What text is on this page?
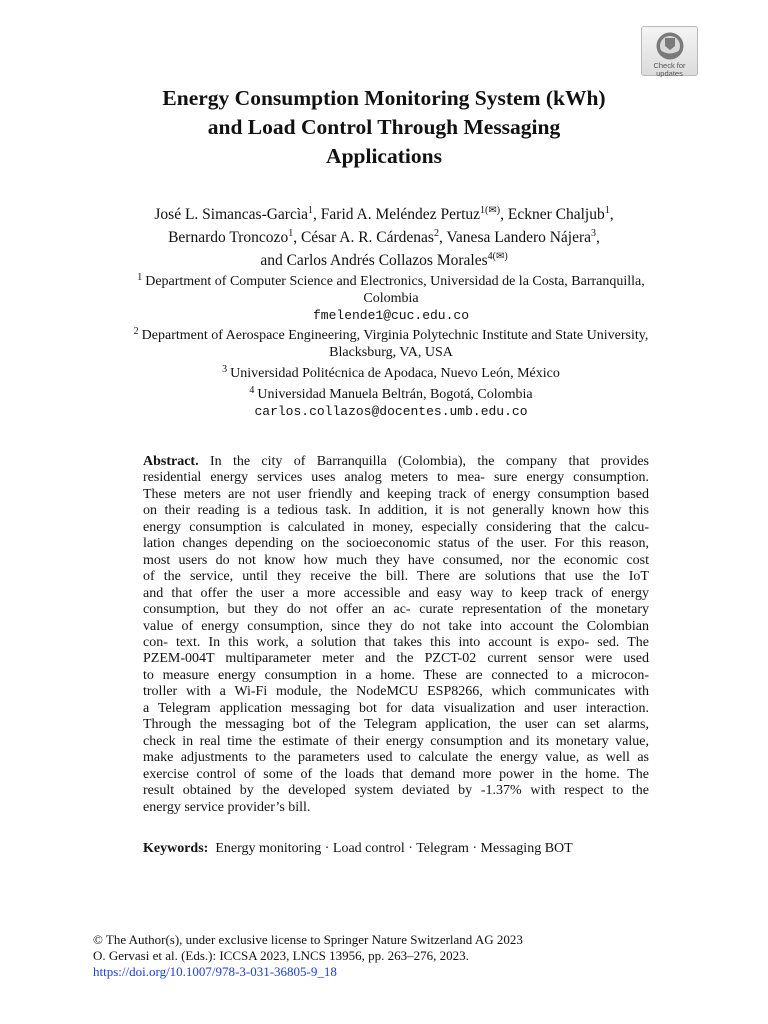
Check for
updates
Energy Consumption Monitoring System (kWh)
and Load Control Through Messaging
Applications
José L. Simancas-Garcìa$^1$, Farid A. Meléndez Pertuz$^{1(✉)}$, Eckner Chaljub$^1$,
Bernardo Troncozo$^1$, César A. R. Cárdenas$^2$, Vanesa Landero Nájera$^3$,
and Carlos Andrés Collazos Morales$^{4(✉)}$
$^1$ Department of Computer Science and Electronics, Universidad de la Costa, Barranquilla,
Colombia
fmelende1@cuc.edu.co
$^2$ Department of Aerospace Engineering, Virginia Polytechnic Institute and State University,
Blacksburg, VA, USA
$^3$ Universidad Politécnica de Apodaca, Nuevo León, México
$^4$ Universidad Manuela Beltrán, Bogotá, Colombia
carlos.collazos@docentes.umb.edu.co
Abstract. In the city of Barranquilla (Colombia), the company that provides
residential energy services uses analog meters to mea- sure energy consumption.
These meters are not user friendly and keeping track of energy consumption based
on their reading is a tedious task. In addition, it is not generally known how this
energy consumption is calculated in money, especially considering that the calcu-
lation changes depending on the socioeconomic status of the user. For this reason,
most users do not know how much they have consumed, nor the economic cost
of the service, until they receive the bill. There are solutions that use the IoT
and that offer the user a more accessible and easy way to keep track of energy
consumption, but they do not offer an ac- curate representation of the monetary
value of energy consumption, since they do not take into account the Colombian
con- text. In this work, a solution that takes this into account is expo- sed. The
PZEM-004T multiparameter meter and the PZCT-02 current sensor were used
to measure energy consumption in a home. These are connected to a microcon-
troller with a Wi-Fi module, the NodeMCU ESP8266, which communicates with
a Telegram application messaging bot for data visualization and user interaction.
Through the messaging bot of the Telegram application, the user can set alarms,
check in real time the estimate of their energy consumption and its monetary value,
make adjustments to the parameters used to calculate the energy value, as well as
exercise control of some of the loads that demand more power in the home. The
result obtained by the developed system deviated by -1.37% with respect to the
energy service provider’s bill.
Keywords: Energy monitoring · Load control · Telegram · Messaging BOT
© The Author(s), under exclusive license to Springer Nature Switzerland AG 2023
O. Gervasi et al. (Eds.): ICCSA 2023, LNCS 13956, pp. 263–276, 2023.
https://doi.org/10.1007/978-3-031-36805-9_18
